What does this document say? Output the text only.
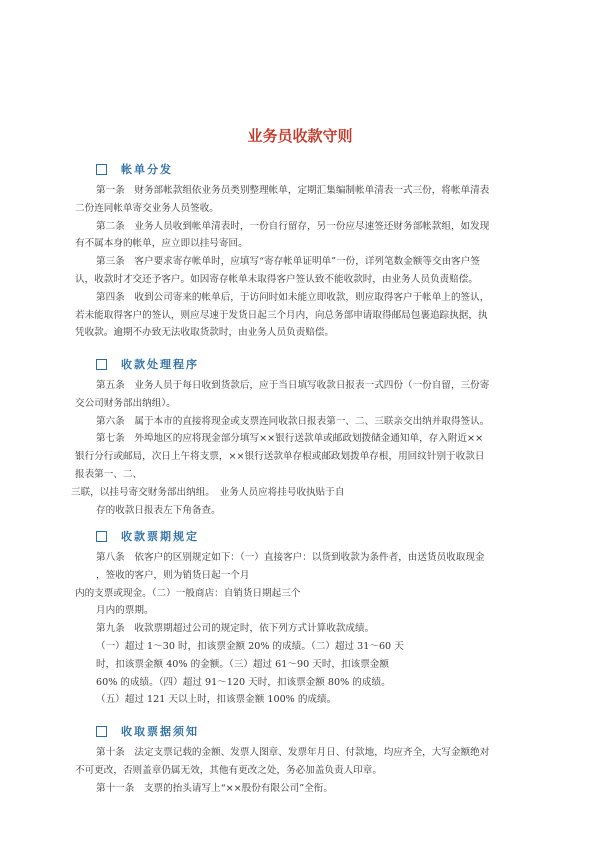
业务员收款守则
帐单分发
第一条　财务部帐款组依业务员类别整理帐单，定期汇集编制帐单清表一式三份，将帐单清表
二份连同帐单寄交业务人员签收。
第二条　业务人员收到帐单清表时，一份自行留存，另一份应尽速签还财务部帐款组，如发现
有不属本身的帐单，应立即以挂号寄回。
第三条　客户要求寄存帐单时，应填写“寄存帐单证明单”一份，详列笔数金额等交由客户签
认，收款时才交还予客户。如因寄存帐单未取得客户签认致不能收款时，由业务人员负责赔偿。
第四条　收到公司寄来的帐单后，于访问时如未能立即收款，则应取得客户于帐单上的签认，
若未能取得客户的签认，则应尽速于发货日起三个月内，向总务部申请取得邮局包裹追踪执据，执
凭收款。逾期不办致无法收取货款时，由业务人员负责赔偿。
收款处理程序
第五条　业务人员于每日收到货款后，应于当日填写收款日报表一式四份（一份自留，三份寄
交公司财务部出纳组）。
第六条　属于本市的直接将现金或支票连同收款日报表第一、二、三联亲交出纳并取得签认。
第七条　外埠地区的应将现金部分填写××银行送款单或邮政划拨储金通知单，存入附近××
银行分行或邮局，次日上午将支票，××银行送款单存根或邮政划拨单存根，用回纹针别于收款日
报表第一、二、
三联，以挂号寄交财务部出纳组。　业务人员应将挂号收执贴于自
存的收款日报表左下角备查。
收款票期规定
第八条　依客户的区别规定如下：（一）直接客户：以货到收款为条件者，由送货员收取现金
，签收的客户，则为销货日起一个月
内的支票或现金。（二）一般商店：自销货日期起三个
月内的票期。
第九条　收款票期超过公司的规定时，依下列方式计算收款成绩。
（一）超过 1～30 时，扣该票金额 20% 的成绩。（二）超过 31～60 天
时，扣该票金额 40% 的金额。（三）超过 61～90 天时，扣该票金额
60% 的成绩。（四）超过 91～120 天时，扣该票金额 80% 的成绩。
（五）超过 121 天以上时，扣该票金额 100% 的成绩。
收取票据须知
第十条　法定支票记载的金额、发票人图章、发票年月日、付款地，均应齐全，大写金额绝对
不可更改，否则盖章仍属无效，其他有更改之处，务必加盖负责人印章。
第十一条　支票的抬头请写上“××股份有限公司”全衔。
